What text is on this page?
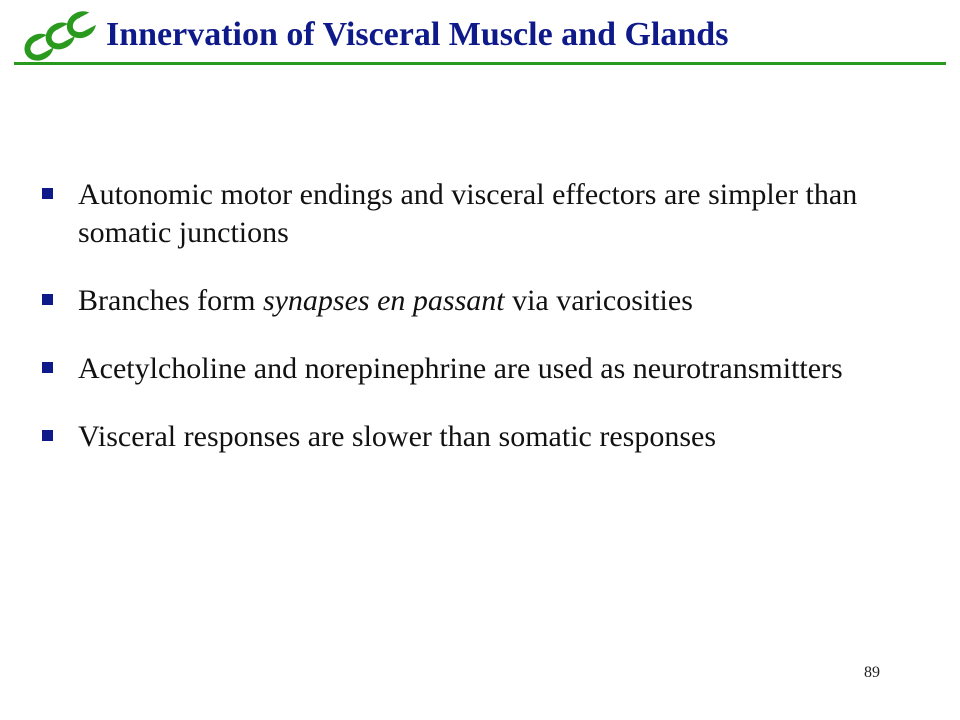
CCC
Innervation of Visceral Muscle and Glands
Autonomic motor endings and visceral effectors are simpler than somatic junctions
Branches form synapses en passant via varicosities
Acetylcholine and norepinephrine are used as neurotransmitters
Visceral responses are slower than somatic responses
89
